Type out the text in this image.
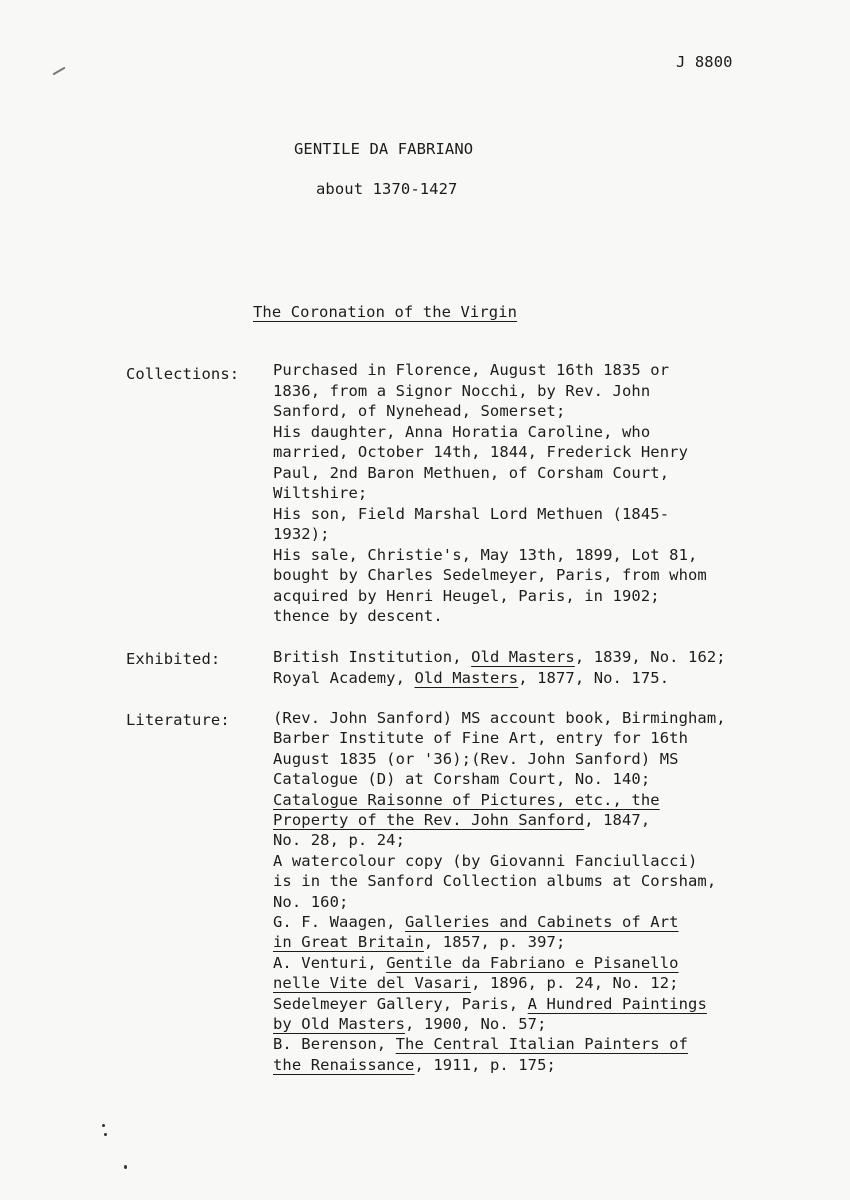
J 8800
GENTILE DA FABRIANO
about 1370-1427
The Coronation of the Virgin
Collections: Purchased in Florence, August 16th 1835 or
1836, from a Signor Nocchi, by Rev. John
Sanford, of Nynehead, Somerset;
His daughter, Anna Horatia Caroline, who
married, October 14th, 1844, Frederick Henry
Paul, 2nd Baron Methuen, of Corsham Court,
Wiltshire;
His son, Field Marshal Lord Methuen (1845-
1932);
His sale, Christie's, May 13th, 1899, Lot 81,
bought by Charles Sedelmeyer, Paris, from whom
acquired by Henri Heugel, Paris, in 1902;
thence by descent.
Exhibited:	British Institution, Old Masters, 1839, No. 162;
Royal Academy, Old Masters, 1877, No. 175.
Literature:	(Rev. John Sanford) MS account book, Birmingham,
Barber Institute of Fine Art, entry for 16th
August 1835 (or '36);(Rev. John Sanford) MS
Catalogue (D) at Corsham Court, No. 140;
Catalogue Raisonne of Pictures, etc., the
Property of the Rev. John Sanford, 1847,
No. 28, p. 24;
A watercolour copy (by Giovanni Fanciullacci)
is in the Sanford Collection albums at Corsham,
No. 160;
G. F. Waagen, Galleries and Cabinets of Art
in Great Britain, 1857, p. 397;
A. Venturi, Gentile da Fabriano e Pisanello
nelle Vite del Vasari, 1896, p. 24, No. 12;
Sedelmeyer Gallery, Paris, A Hundred Paintings
by Old Masters, 1900, No. 57;
B. Berenson, The Central Italian Painters of
the Renaissance, 1911, p. 175;
